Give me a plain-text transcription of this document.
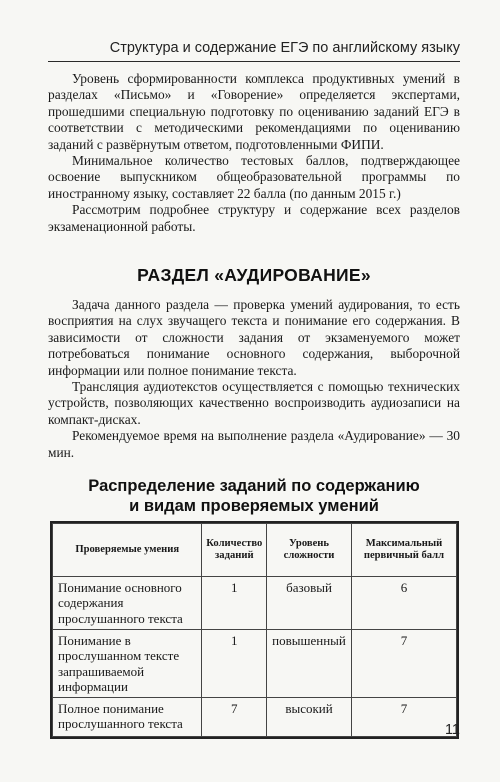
Структура и содержание ЕГЭ по английскому языку

Уровень сформированности комплекса продуктивных умений в разделах «Письмо» и «Говорение» определяется экспертами, прошедшими специальную подготовку по оцениванию заданий ЕГЭ в соответствии с методическими рекомендациями по оцениванию заданий с развёрнутым ответом, подготовленными ФИПИ.

Минимальное количество тестовых баллов, подтверждающее освоение выпускником общеобразовательной программы по иностранному языку, составляет 22 балла (по данным 2015 г.)

Рассмотрим подробнее структуру и содержание всех разделов экзаменационной работы.

РАЗДЕЛ «АУДИРОВАНИЕ»

Задача данного раздела — проверка умений аудирования, то есть восприятия на слух звучащего текста и понимание его содержания. В зависимости от сложности задания от экзаменуемого может потребоваться понимание основного содержания, выборочной информации или полное понимание текста.

Трансляция аудиотекстов осуществляется с помощью технических устройств, позволяющих качественно воспроизводить аудиозаписи на компакт-дисках.

Рекомендуемое время на выполнение раздела «Аудирование» — 30 мин.

Распределение заданий по содержанию
и видам проверяемых умений
Проверяемые умения	Количество заданий	Уровень сложности	Максимальный первичный балл
Понимание основного содержания прослушанного текста	1	базовый	6
Понимание в прослушанном тексте запрашиваемой информации	1	повышенный	7
Полное понимание прослушанного текста	7	высокий	7
11
